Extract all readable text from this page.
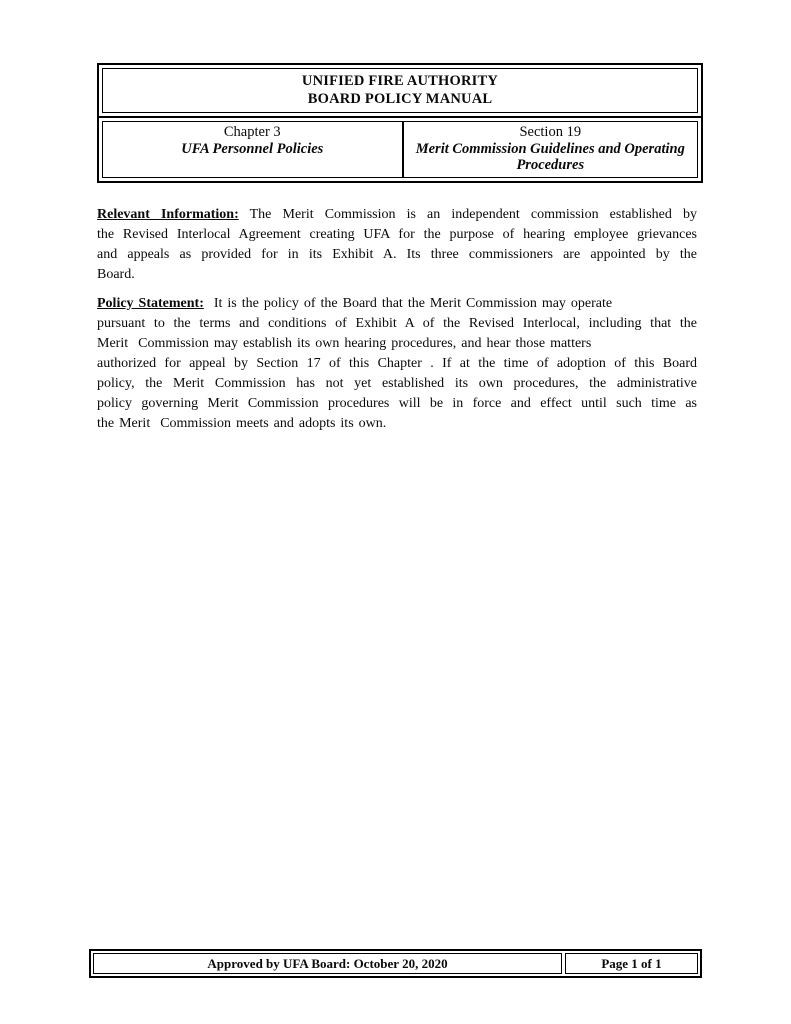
UNIFIED FIRE AUTHORITY
BOARD POLICY MANUAL
Chapter 3
UFA Personnel Policies
Section 19
Merit Commission Guidelines and Operating Procedures
Relevant Information: The Merit Commission is an independent commission established by
the Revised Interlocal Agreement creating UFA for the purpose of hearing employee grievances
and appeals as provided for in its Exhibit A. Its three commissioners are appointed by the
Board.
Policy Statement:  It is the policy of the Board that the Merit Commission may operate
pursuant to the terms and conditions of Exhibit A of the Revised Interlocal, including that the
Merit  Commission may establish its own hearing procedures, and hear those matters
authorized for appeal by Section 17 of this Chapter . If at the time of adoption of this Board
policy, the Merit Commission has not yet established its own procedures, the administrative
policy governing Merit Commission procedures will be in force and effect until such time as
the Merit  Commission meets and adopts its own.
Approved by UFA Board: October 20, 2020	Page 1 of 1
